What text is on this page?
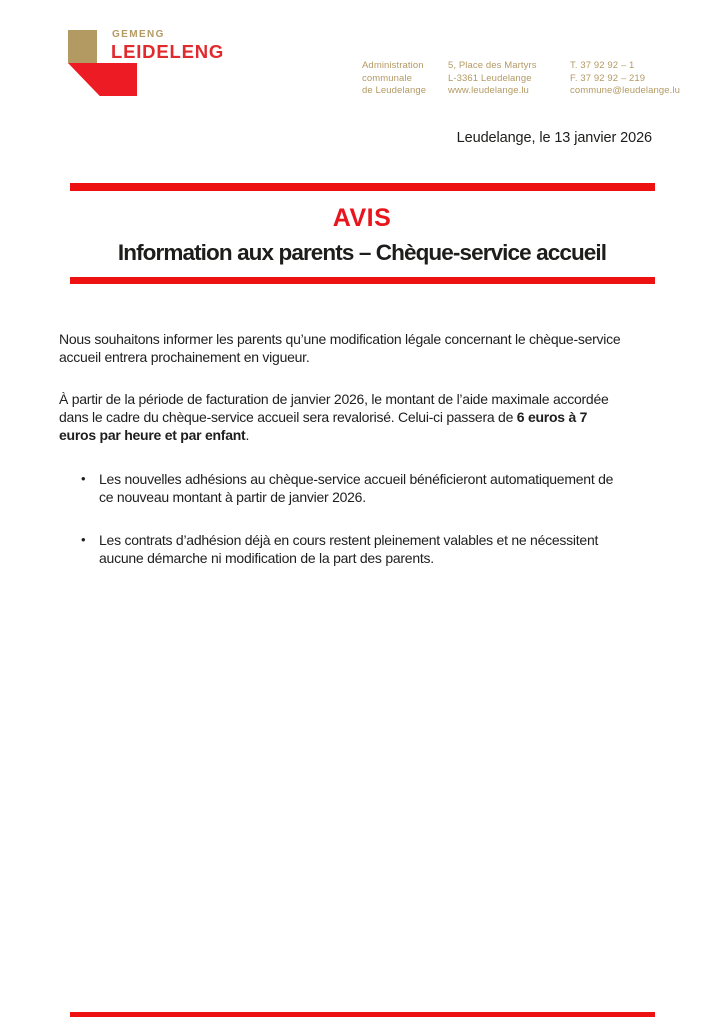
GEMENG
LEIDELENG
Administration
communale
de Leudelange
5, Place des Martyrs
L-3361 Leudelange
www.leudelange.lu
T. 37 92 92 – 1
F. 37 92 92 – 219
commune@leudelange.lu
Leudelange, le 13 janvier 2026
AVIS
Information aux parents – Chèque-service accueil
Nous souhaitons informer les parents qu’une modification légale concernant le chèque-service
accueil entrera prochainement en vigueur.
À partir de la période de facturation de janvier 2026, le montant de l’aide maximale accordée
dans le cadre du chèque-service accueil sera revalorisé. Celui-ci passera de 6 euros à 7
euros par heure et par enfant.
• Les nouvelles adhésions au chèque-service accueil bénéficieront automatiquement de
ce nouveau montant à partir de janvier 2026.
• Les contrats d’adhésion déjà en cours restent pleinement valables et ne nécessitent
aucune démarche ni modification de la part des parents.
